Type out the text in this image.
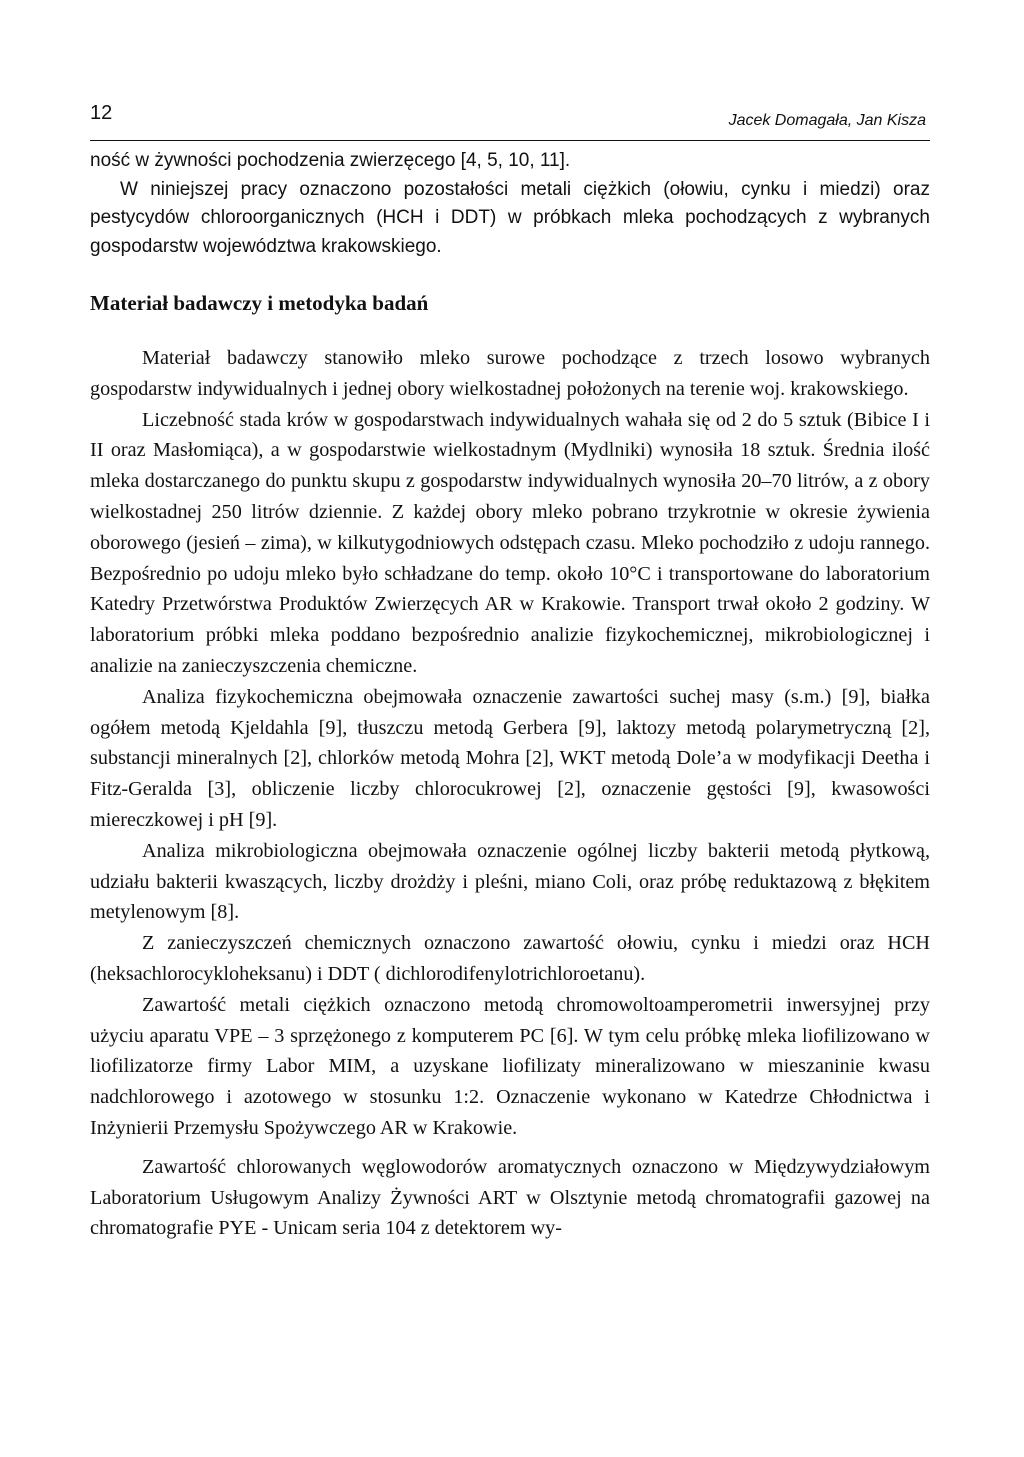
12	Jacek Domagała, Jan Kisza

ność w żywności pochodzenia zwierzęcego [4, 5, 10, 11].

W niniejszej pracy oznaczono pozostałości metali ciężkich (ołowiu, cynku i miedzi) oraz pestycydów chloroorganicznych (HCH i DDT) w próbkach mleka pochodzących z wybranych gospodarstw województwa krakowskiego.

Materiał badawczy i metodyka badań

Materiał badawczy stanowiło mleko surowe pochodzące z trzech losowo wybranych gospodarstw indywidualnych i jednej obory wielkostadnej położonych na terenie woj. krakowskiego.

Liczebność stada krów w gospodarstwach indywidualnych wahała się od 2 do 5 sztuk (Bibice I i II oraz Masłomiąca), a w gospodarstwie wielkostadnym (Mydlniki) wynosiła 18 sztuk. Średnia ilość mleka dostarczanego do punktu skupu z gospodarstw indywidualnych wynosiła 20–70 litrów, a z obory wielkostadnej 250 litrów dziennie. Z każdej obory mleko pobrano trzykrotnie w okresie żywienia oborowego (jesień – zima), w kilkutygodniowych odstępach czasu. Mleko pochodziło z udoju rannego. Bezpośrednio po udoju mleko było schładzane do temp. około 10°C i transportowane do laboratorium Katedry Przetwórstwa Produktów Zwierzęcych AR w Krakowie. Transport trwał około 2 godziny. W laboratorium próbki mleka poddano bezpośrednio analizie fizykochemicznej, mikrobiologicznej i analizie na zanieczyszczenia chemiczne.

Analiza fizykochemiczna obejmowała oznaczenie zawartości suchej masy (s.m.) [9], białka ogółem metodą Kjeldahla [9], tłuszczu metodą Gerbera [9], laktozy metodą polarymetryczną [2], substancji mineralnych [2], chlorków metodą Mohra [2], WKT metodą Dole’a w modyfikacji Deetha i Fitz-Geralda [3], obliczenie liczby chlorocukrowej [2], oznaczenie gęstości [9], kwasowości miereczkowej i pH [9].

Analiza mikrobiologiczna obejmowała oznaczenie ogólnej liczby bakterii metodą płytkową, udziału bakterii kwaszących, liczby drożdży i pleśni, miano Coli, oraz próbę reduktazową z błękitem metylenowym [8].

Z zanieczyszczeń chemicznych oznaczono zawartość ołowiu, cynku i miedzi oraz HCH (heksachlorocykloheksanu) i DDT ( dichlorodifenylotrichloroetanu).

Zawartość metali ciężkich oznaczono metodą chromowoltoamperometrii inwersyjnej przy użyciu aparatu VPE – 3 sprzężonego z komputerem PC [6]. W tym celu próbkę mleka liofilizowano w liofilizatorze firmy Labor MIM, a uzyskane liofilizaty mineralizowano w mieszaninie kwasu nadchlorowego i azotowego w stosunku 1:2. Oznaczenie wykonano w Katedrze Chłodnictwa i Inżynierii Przemysłu Spożywczego AR w Krakowie.

Zawartość chlorowanych węglowodorów aromatycznych oznaczono w Międzywydziałowym Laboratorium Usługowym Analizy Żywności ART w Olsztynie metodą chromatografii gazowej na chromatografie PYE - Unicam seria 104 z detektorem wy-
